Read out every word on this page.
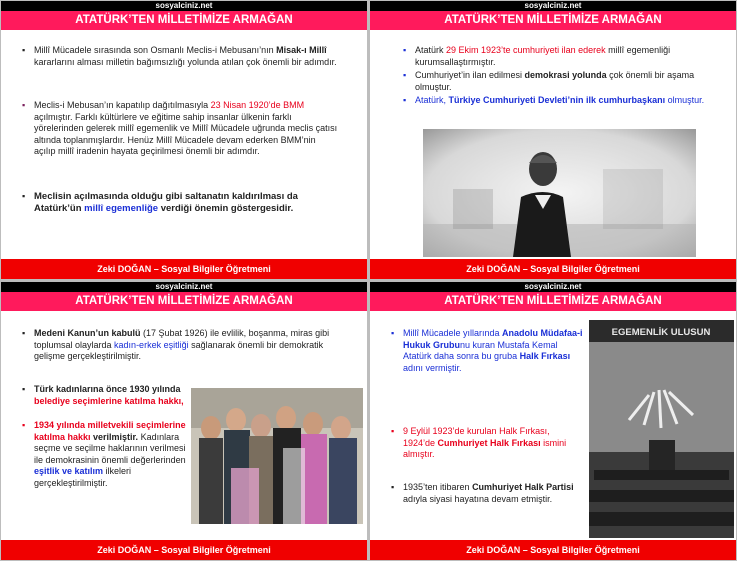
sosyalciniz.net
ATATÜRK’TEN MİLLETİMİZE ARMAĞAN
▪ Millî Mücadele sırasında son Osmanlı Meclis-i Mebusanı’nın Misak-ı Millî kararlarını alması milletin bağımsızlığı yolunda atılan çok önemli bir adımdır.
▪ Meclis-i Mebusan’ın kapatılıp dağıtılmasıyla 23 Nisan 1920’de BMM açılmıştır. Farklı kültürlere ve eğitime sahip insanlar ülkenin farklı yörelerinden gelerek millî egemenlik ve Millî Mücadele uğrunda meclis çatısı altında toplanmışlardır. Henüz Millî Mücadele devam ederken BMM’nin açılıp millî iradenin hayata geçirilmesi önemli bir adımdır.
▪ Meclisin açılmasında olduğu gibi saltanatın kaldırılması da Atatürk’ün millî egemenliğe verdiği önemin göstergesidir.
Zeki DOĞAN – Sosyal Bilgiler Öğretmeni
sosyalciniz.net
ATATÜRK’TEN MİLLETİMİZE ARMAĞAN
▪ Atatürk 29 Ekim 1923’te cumhuriyeti ilan ederek millî egemenliği kurumsallaştırmıştır.
▪ Cumhuriyet’in ilan edilmesi demokrasi yolunda çok önemli bir aşama olmuştur.
▪ Atatürk, Türkiye Cumhuriyeti Devleti’nin ilk cumhurbaşkanı olmuştur.
Zeki DOĞAN – Sosyal Bilgiler Öğretmeni
sosyalciniz.net
ATATÜRK’TEN MİLLETİMİZE ARMAĞAN
▪ Medeni Kanun’un kabulü (17 Şubat 1926) ile evlilik, boşanma, miras gibi toplumsal olaylarda kadın-erkek eşitliği sağlanarak önemli bir demokratik gelişme gerçekleştirilmiştir.
▪ Türk kadınlarına önce 1930 yılında belediye seçimlerine katılma hakkı,
▪ 1934 yılında milletvekili seçimlerine katılma hakkı verilmiştir. Kadınlara seçme ve seçilme haklarının verilmesi ile demokrasinin önemli değerlerinden eşitlik ve katılım ilkeleri gerçekleştirilmiştir.
Zeki DOĞAN – Sosyal Bilgiler Öğretmeni
sosyalciniz.net
ATATÜRK’TEN MİLLETİMİZE ARMAĞAN
▪ Millî Mücadele yıllarında Anadolu Müdafaa-i Hukuk Grubunu kuran Mustafa Kemal Atatürk daha sonra bu gruba Halk Fırkası adını vermiştir.
▪ 9 Eylül 1923’de kurulan Halk Fırkası, 1924’de Cumhuriyet Halk Fırkası ismini almıştır.
▪ 1935’ten itibaren Cumhuriyet Halk Partisi adıyla siyasi hayatına devam etmiştir.
EGEMENLİK ULUSUN
Zeki DOĞAN – Sosyal Bilgiler Öğretmeni
